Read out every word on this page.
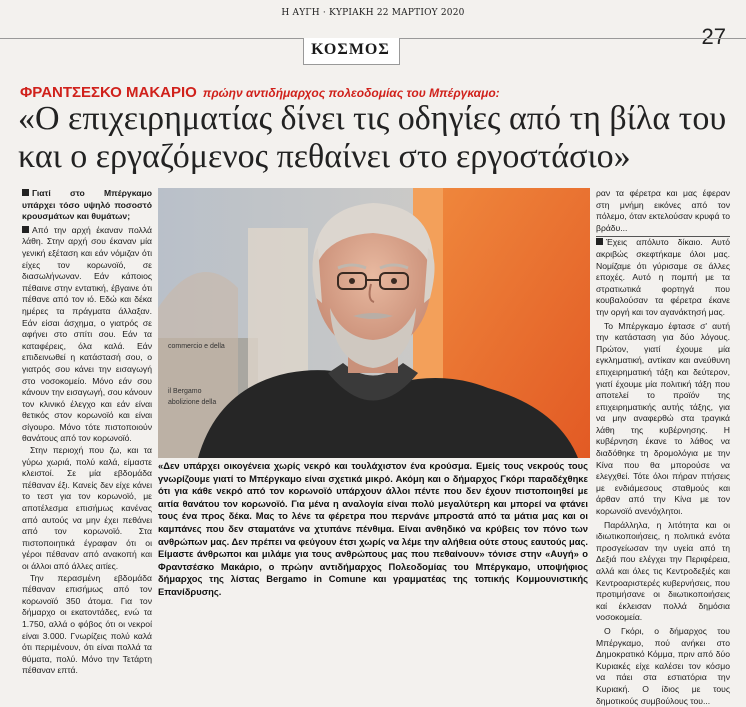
Η ΑΥΓΗ · ΚΥΡΙΑΚΗ 22 ΜΑΡΤΙΟΥ 2020
27
ΚΟΣΜΟΣ
ΦΡΑΝΤΣΕΣΚΟ ΜΑΚΑΡΙΟ πρώην αντιδήμαρχος πολεοδομίας του Μπέργκαμο:
«Ο επιχειρηματίας δίνει τις οδηγίες από τη βίλα του και ο εργαζόμενος πεθαίνει στο εργοστάσιο»

Γιατί στο Μπέργκαμο υπάρχει τόσο υψηλό ποσοστό κρουσμάτων και θυμάτων;

Από την αρχή έκαναν πολλά λάθη. Στην αρχή σου έκαναν μία γενική εξέταση και εάν νόμιζαν ότι είχες τον κορωνοϊό, σε διασωλήνωναν. Εάν κάποιος πέθαινε στην εντατική, έβγαινε ότι πέθανε από τον ιό. Εδώ και δέκα ημέρες τα πράγματα άλλαξαν. Εάν είσαι άσχημα, ο γιατρός σε αφήνει στο σπίτι σου. Εάν τα καταφέρεις, όλα καλά. Εάν επιδεινωθεί η κατάστασή σου, ο γιατρός σου κάνει την εισαγωγή στο νοσοκομείο. Μόνο εάν σου κάνουν την εισαγωγή, σου κάνουν τον κλινικό έλεγχο και εάν είναι θετικός στον κορωνοϊό και είναι σίγουρο. Μόνο τότε πιστοποιούν θανάτους από τον κορωνοϊό.

Στην περιοχή που ζω, και τα γύρω χωριά, πολύ καλά, είμαστε κλειστοί. Σε μία εβδομάδα πέθαναν έξι. Κανείς δεν είχε κάνει το τεστ για τον κορωνοϊό, με αποτέλεσμα επισήμως κανένας από αυτούς να μην έχει πεθάνει από τον κορωνοϊό. Στα πιστοποιητικά έγραφαν ότι οι γέροι πέθαναν από ανακοπή και οι άλλοι από άλλες αιτίες.

Την περασμένη εβδομάδα πέθαναν επισήμως από τον κορωνοϊό 350 άτομα. Για τον δήμαρχο οι εκατοντάδες, ενώ τα 1.750, αλλά ο φόβος ότι οι νεκροί είναι 3.000. Γνωρίζεις πολύ καλά ότι περιμένουν, ότι είναι πολλά τα θύματα, πολύ. Μόνο την Τετάρτη πέθαναν επτά.

commercio e della
il Bergamo
abolizione della
«Δεν υπάρχει οικογένεια χωρίς νεκρό και τουλάχιστον ένα κρούσμα. Εμείς τους νεκρούς τους γνωρίζουμε γιατί το Μπέργκαμο είναι σχετικά μικρό. Ακόμη και ο δήμαρχος Γκόρι παραδέχθηκε ότι για κάθε νεκρό από τον κορωνοϊό υπάρχουν άλλοι πέντε που δεν έχουν πιστοποιηθεί με αιτία θανάτου τον κορωνοϊό. Για μένα η αναλογία είναι πολύ μεγαλύτερη και μπορεί να φτάνει τους ένα προς δέκα. Μας το λένε τα φέρετρα που περνάνε μπροστά από τα μάτια μας και οι καμπάνες που δεν σταματάνε να χτυπάνε πένθιμα. Είναι ανθηδικό να κρύβεις τον πόνο των ανθρώπων μας. Δεν πρέπει να φεύγουν έτσι χωρίς να λέμε την αλήθεια ούτε στους εαυτούς μας. Είμαστε άνθρωποι και μιλάμε για τους ανθρώπους μας που πεθαίνουν» τόνισε στην «Αυγή» ο Φραντσέσκο Μακάριο, ο πρώην αντιδήμαρχος Πολεοδομίας του Μπέργκαμο, υποψήφιος δήμαρχος της λίστας Bergamo in Comune και γραμματέας της τοπικής Κομμουνιστικής Επανίδρυσης.

ραν τα φέρετρα και μας έφεραν στη μνήμη εικόνες από τον πόλεμο, όταν εκτελούσαν κρυφά το βράδυ...

Έχεις απόλυτο δίκαιο. Αυτό ακριβώς σκεφτήκαμε όλοι μας. Νομίζαμε ότι γύρισαμε σε άλλες εποχές. Αυτό η πομπή με τα στρατιωτικά φορτηγά που κουβαλούσαν τα φέρετρα έκανε την οργή και τον αγανάκτησή μας.

Το Μπέργκαμο έφτασε σ' αυτή την κατάσταση για δύο λόγους. Πρώτον, γιατί έχουμε μία εγκληματική, αντίκαν και ανεύθυνη επιχειρηματική τάξη και δεύτερον, γιατί έχουμε μία πολιτική τάξη που αποτελεί το προϊόν της επιχειρηματικής αυτής τάξης, για να μην αναφερθώ στα τραγικά λάθη της κυβέρνησης. Η κυβέρνηση έκανε το λάθος να διαδόθηκε τη δρομολόγια με την Κίνα που θα μπορούσε να ελεγχθεί. Τότε όλοι πήραν πτήσεις με ενδιάμεσους σταθμούς και άρθαν από την Κίνα με τον κορωνοϊό ανενόχλητοι.

Παράλληλα, η λιτότητα και οι ιδιωτικοποιήσεις, η πολιτικά ενότα προσγείωσαν την υγεία από τη Δεξιά που ελέγχει την Περιφέρεια, αλλά και όλες τις Κεντροδεξιές και Κεντροαριστερές κυβερνήσεις, που προτιμήσανε οι διιωτικοποιήσεις καί έκλεισαν πολλά δημόσια νοσοκομεία.

Ο Γκόρι, ο δήμαρχος του Μπέργκαμο, πού ανήκει στο Δημοκρατικό Κόμμα, πριν από δύο Κυριακές είχε καλέσει τον κόσμο να πάει στα εστιατόρια την Κυριακή. Ο ίδιος με τους δημοτικούς συμβούλους του...
